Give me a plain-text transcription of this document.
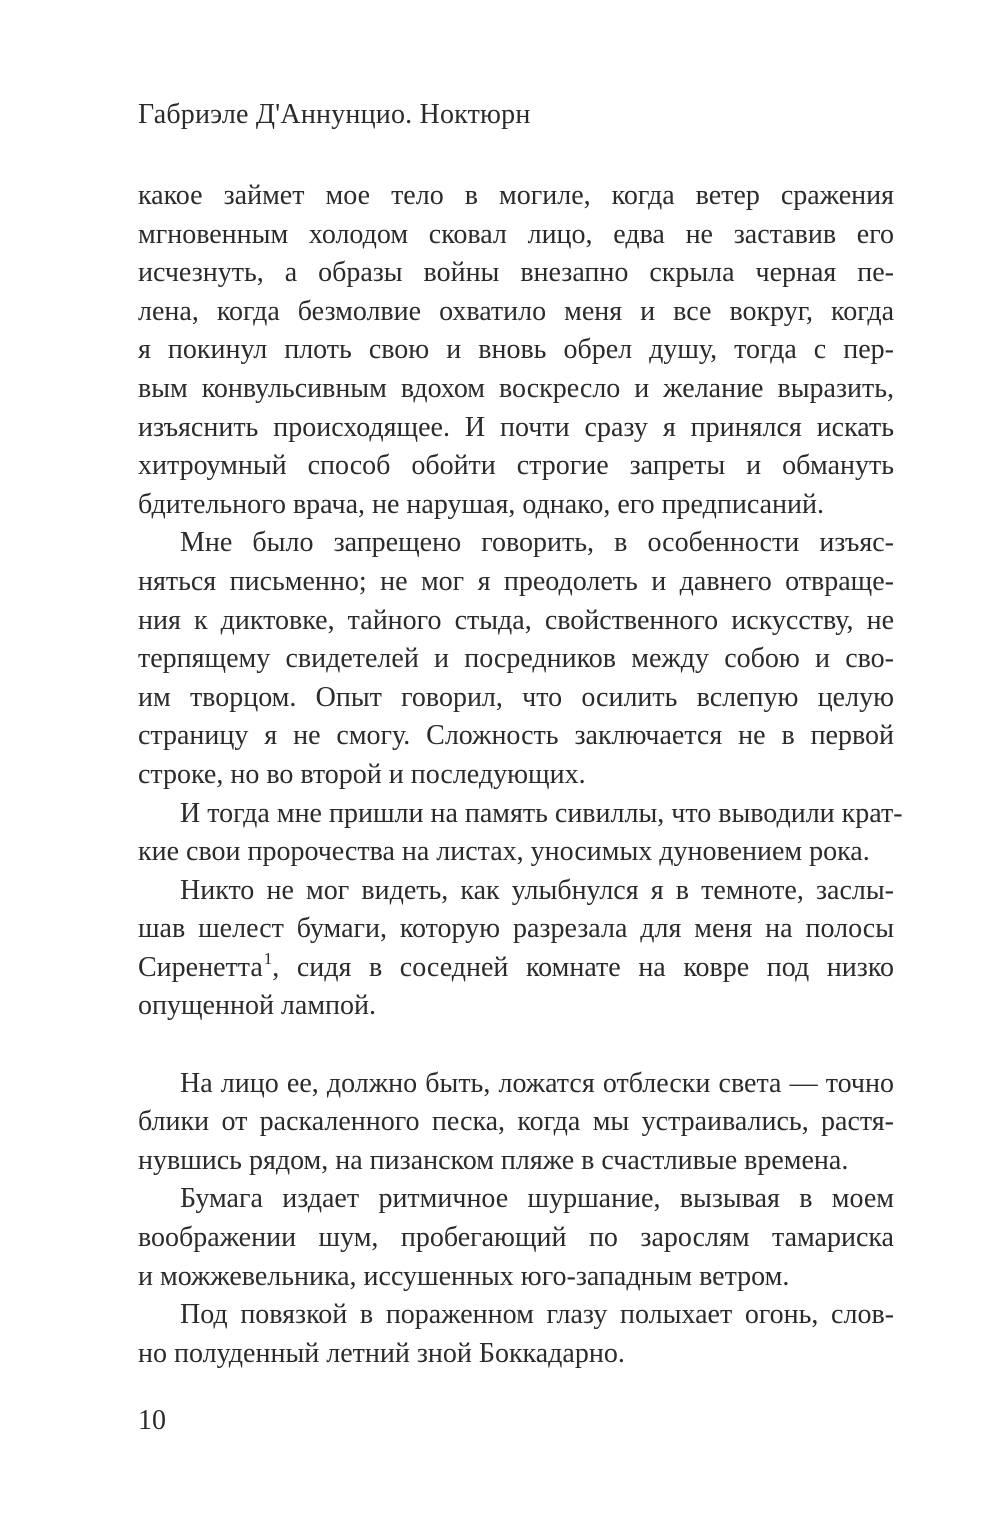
Габриэле Д'Аннунцио. Ноктюрн
какое займет мое тело в могиле, когда ветер сражения
мгновенным холодом сковал лицо, едва не заставив его
исчезнуть, а образы войны внезапно скрыла черная пе-
лена, когда безмолвие охватило меня и все вокруг, когда
я покинул плоть свою и вновь обрел душу, тогда с пер-
вым конвульсивным вдохом воскресло и желание выразить,
изъяснить происходящее. И почти сразу я принялся искать
хитроумный способ обойти строгие запреты и обмануть
бдительного врача, не нарушая, однако, его предписаний.
Мне было запрещено говорить, в особенности изъяс-
няться письменно; не мог я преодолеть и давнего отвраще-
ния к диктовке, тайного стыда, свойственного искусству, не
терпящему свидетелей и посредников между собою и сво-
им творцом. Опыт говорил, что осилить вслепую целую
страницу я не смогу. Сложность заключается не в первой
строке, но во второй и последующих.
И тогда мне пришли на память сивиллы, что выводили крат-
кие свои пророчества на листах, уносимых дуновением рока.
Никто не мог видеть, как улыбнулся я в темноте, заслы-
шав шелест бумаги, которую разрезала для меня на полосы
Сиренетта$^1$, сидя в соседней комнате на ковре под низко
опущенной лампой.
На лицо ее, должно быть, ложатся отблески света — точно
блики от раскаленного песка, когда мы устраивались, растя-
нувшись рядом, на пизанском пляже в счастливые времена.
Бумага издает ритмичное шуршание, вызывая в моем
воображении шум, пробегающий по зарослям тамариска
и можжевельника, иссушенных юго-западным ветром.
Под повязкой в пораженном глазу полыхает огонь, слов-
но полуденный летний зной Боккадарно.
10
